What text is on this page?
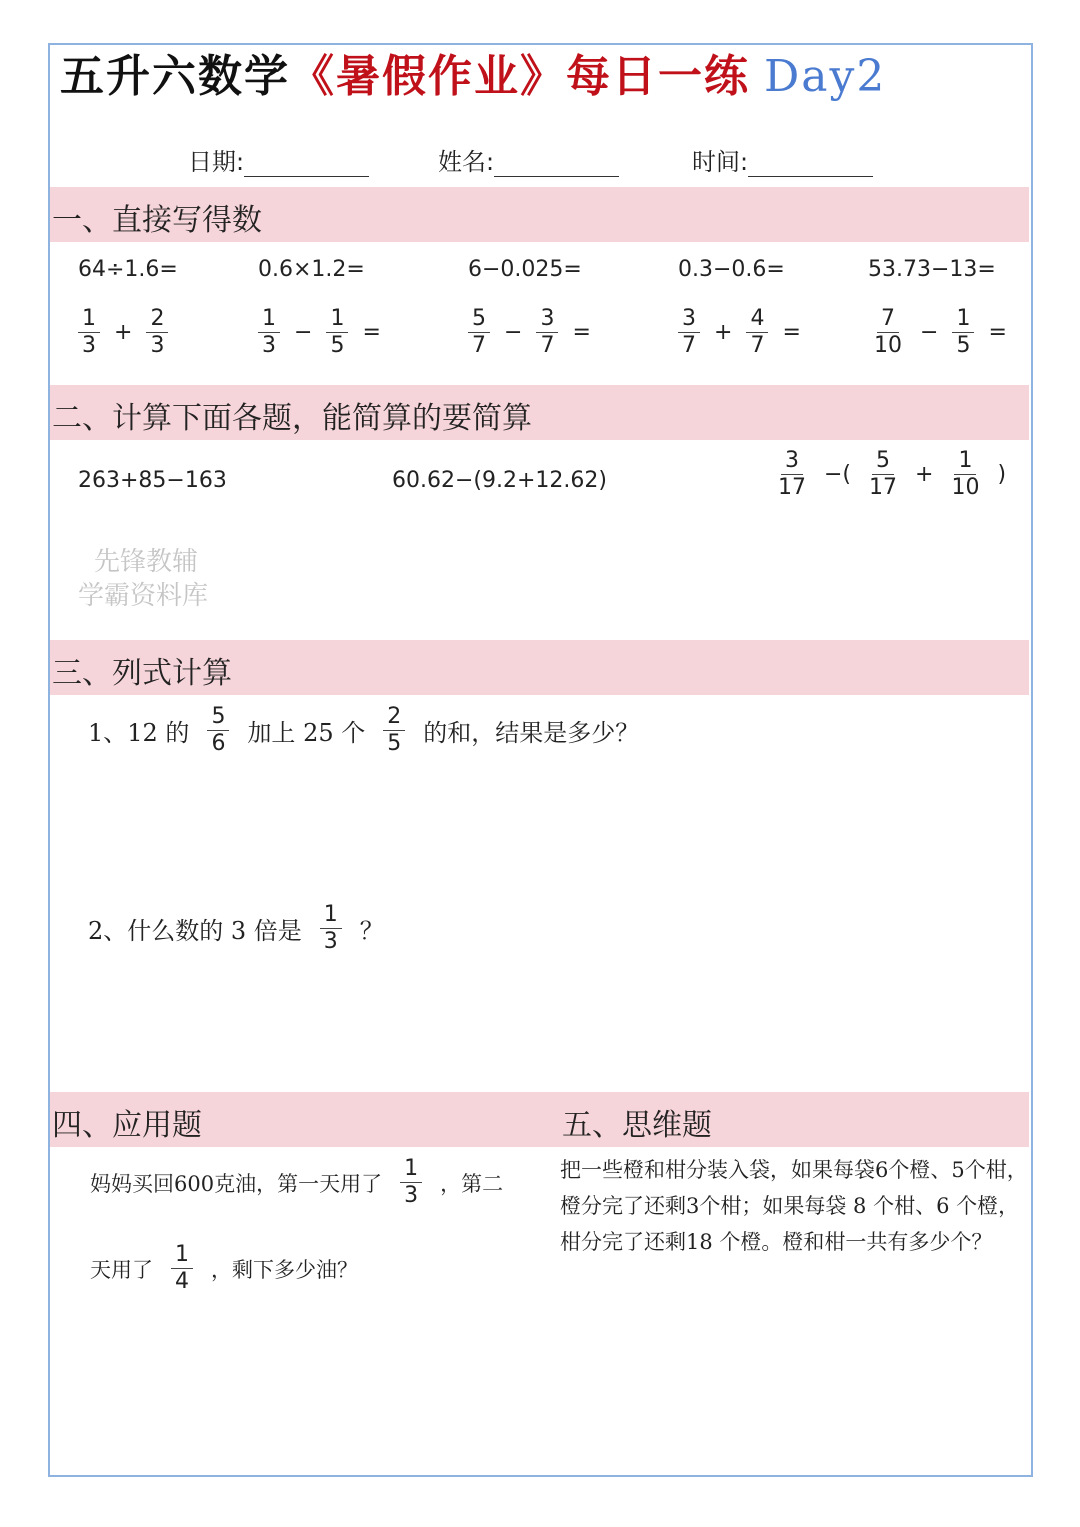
五升六数学《暑假作业》每日一练 Day2
日期:	姓名:	时间:
一、直接写得数
64÷1.6=	0.6×1.2=	6−0.025=	0.3−0.6=	53.73−13=
$\frac{1}{3} + \frac{2}{3}$	$\frac{1}{3} - \frac{1}{5}$ =	$\frac{5}{7} - \frac{3}{7}$ =	$\frac{3}{7} + \frac{4}{7}$ =	$\frac{7}{10} - \frac{1}{5}$ =
二、计算下面各题，能简算的要简算
263+85−163	60.62−(9.2+12.62)	$\frac{3}{17}$ −( $\frac{5}{17} + \frac{1}{10}$ )
先锋教辅
学霸资料库
三、列式计算
1、12 的 $\frac{5}{6}$ 加上 25 个 $\frac{2}{5}$ 的和，结果是多少？
2、什么数的 3 倍是 $\frac{1}{3}$ ？
四、应用题	五、思维题
妈妈买回600克油，第一天用了 $\frac{1}{3}$ ，第二
天用了 $\frac{1}{4}$ ，剩下多少油？
把一些橙和柑分装入袋，如果每袋6个橙、5个柑，橙分完了还剩3个柑；如果每袋 8 个柑、6 个橙，柑分完了还剩18 个橙。橙和柑一共有多少个？
